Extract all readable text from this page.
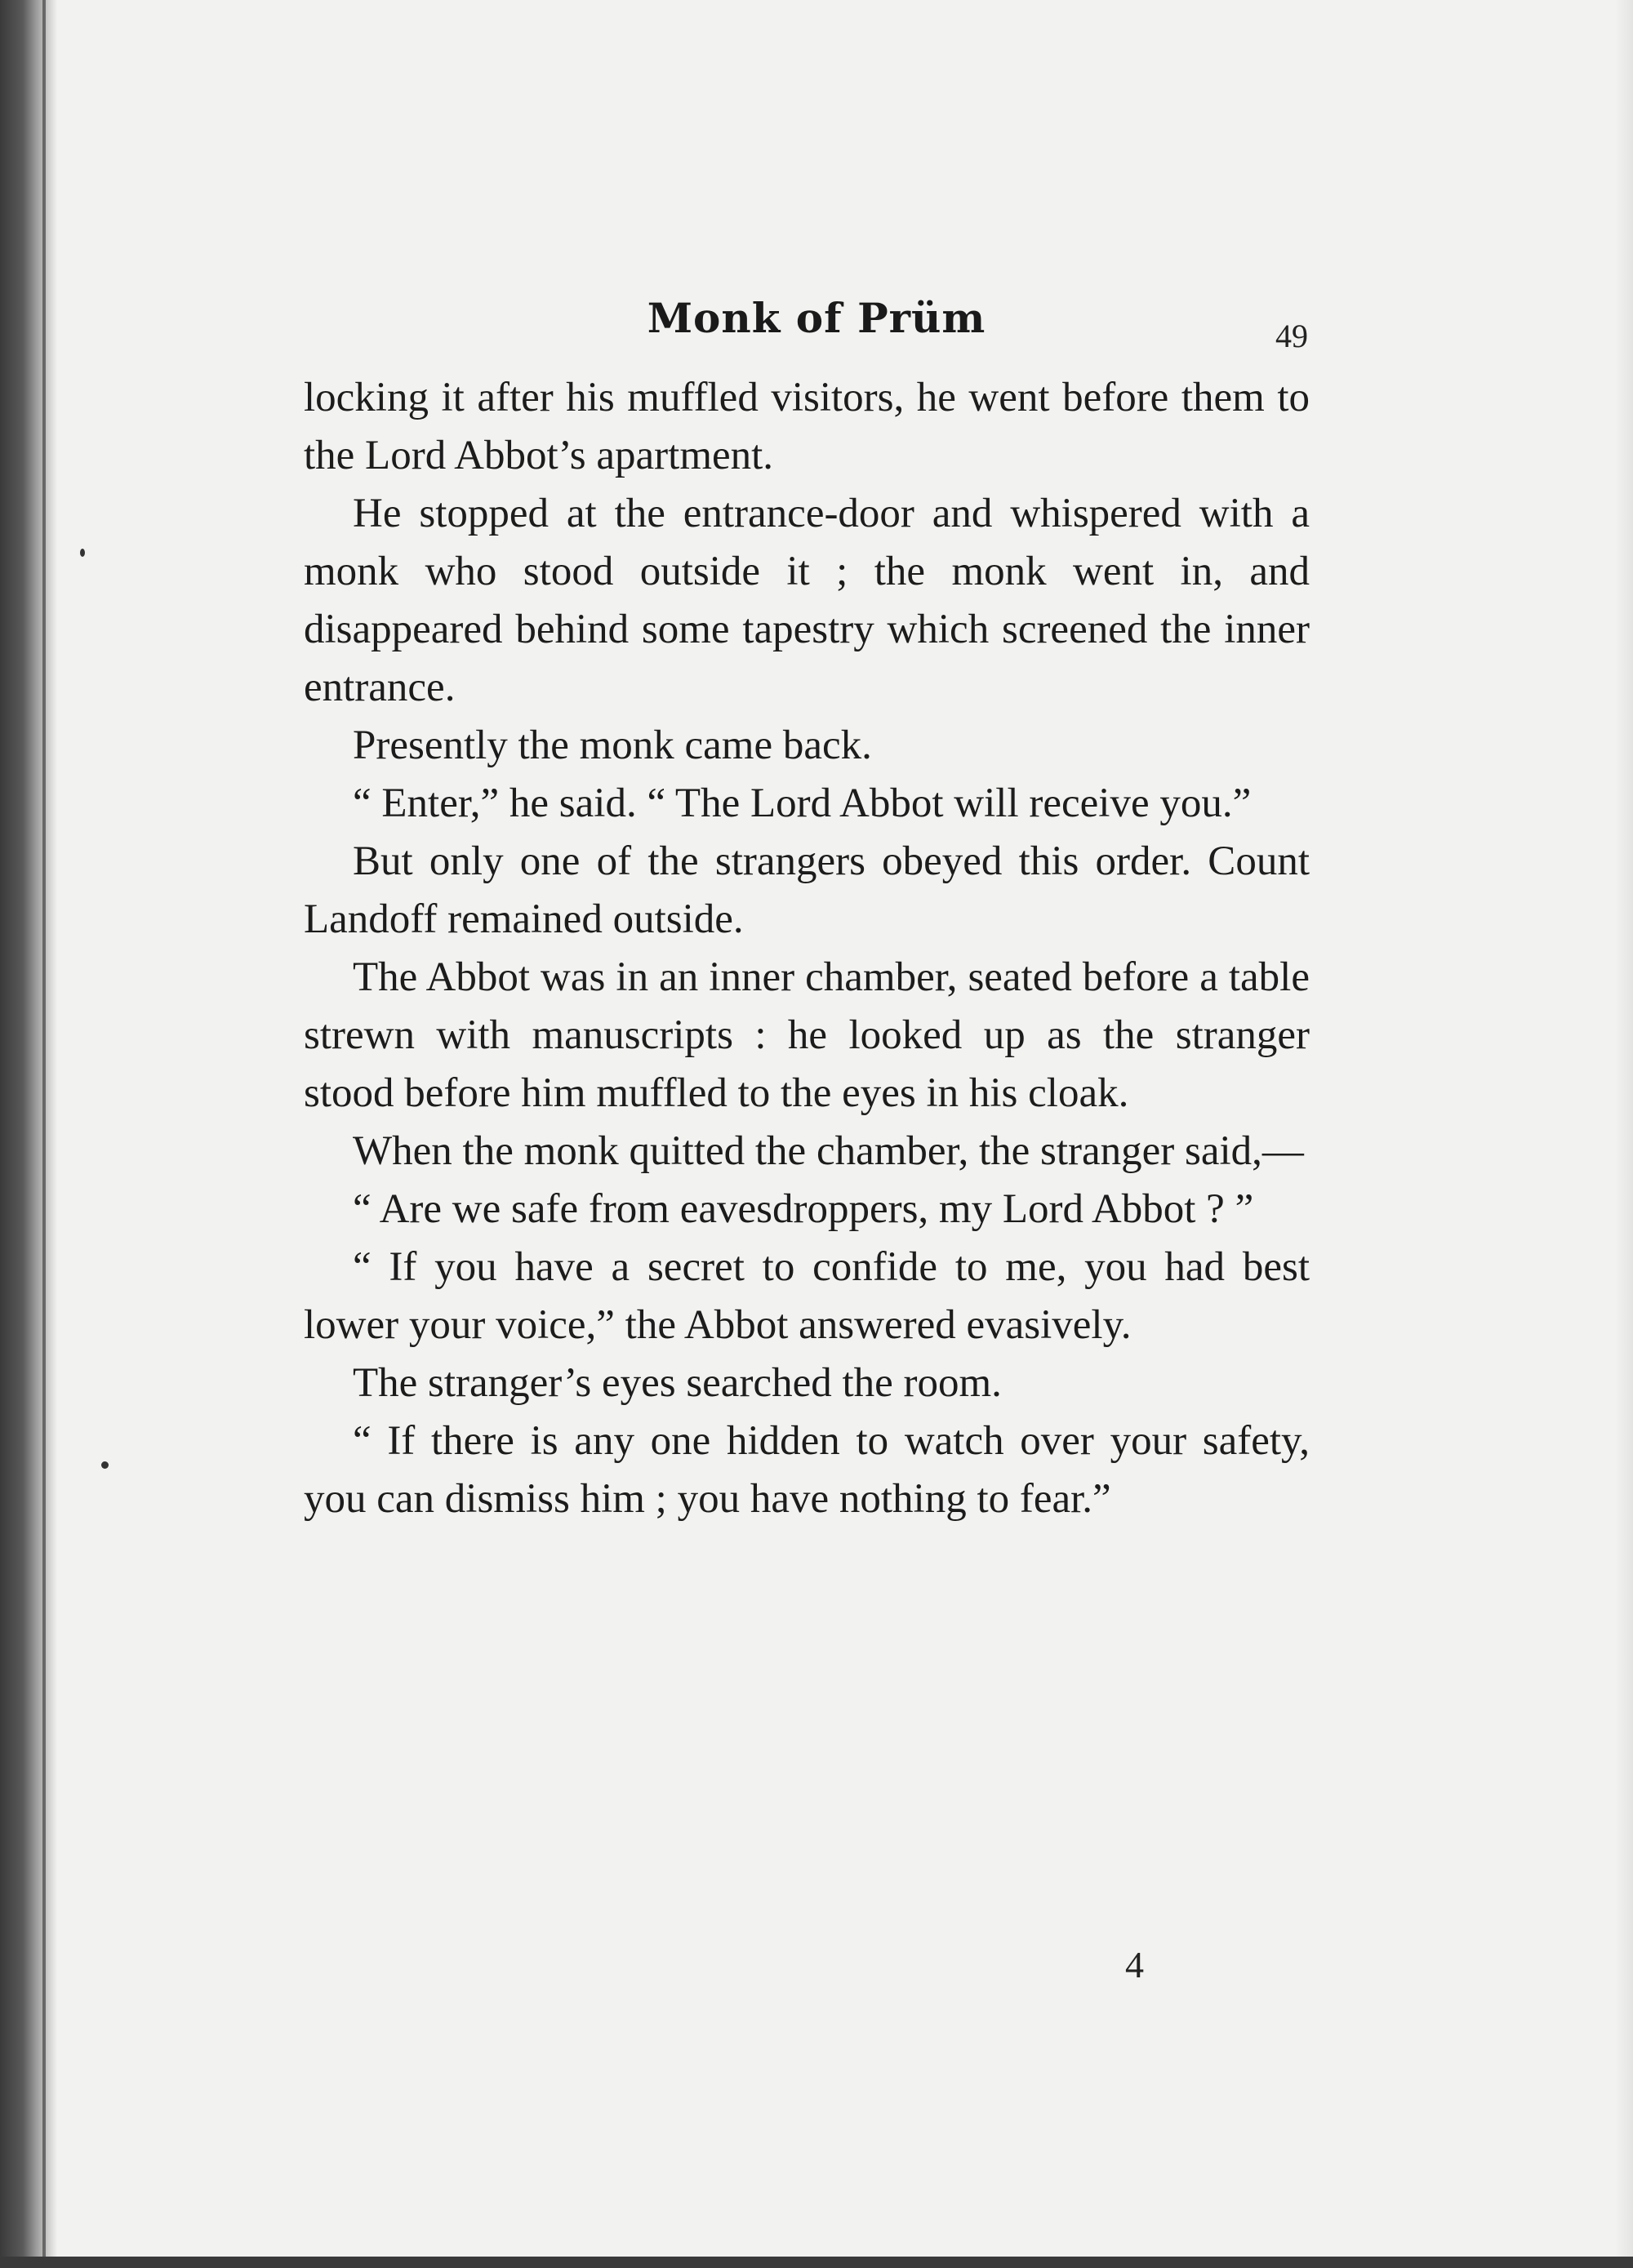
Monk of Prüm	49

locking it after his muffled visitors, he went before them to the Lord Abbot’s apartment.

He stopped at the entrance-door and whispered with a monk who stood outside it ; the monk went in, and disappeared behind some tapestry which screened the inner entrance.

Presently the monk came back.

“ Enter,” he said. “ The Lord Abbot will receive you.”

But only one of the strangers obeyed this order. Count Landoff remained outside.

The Abbot was in an inner chamber, seated before a table strewn with manuscripts : he looked up as the stranger stood before him muffled to the eyes in his cloak.

When the monk quitted the chamber, the stranger said,—

“ Are we safe from eavesdroppers, my Lord Abbot ? ”

“ If you have a secret to confide to me, you had best lower your voice,” the Abbot answered evasively.

The stranger’s eyes searched the room.

“ If there is any one hidden to watch over your safety, you can dismiss him ; you have nothing to fear.”

4
